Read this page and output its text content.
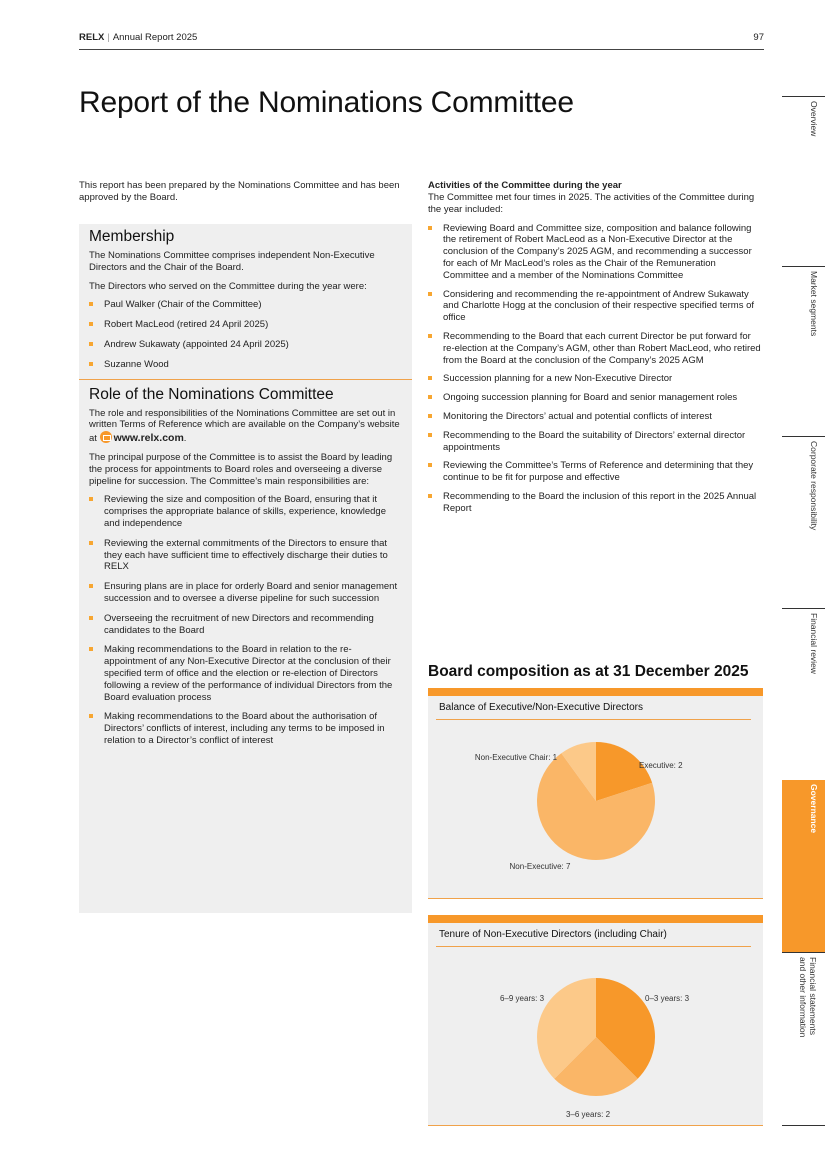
RELX | Annual Report 2025	97
Report of the Nominations Committee	Overview
Market segments
Corporate responsibility
Financial review
Governance
Financial statements
and other information

This report has been prepared by the Nominations Committee and has been approved by the Board.

Membership

The Nominations Committee comprises independent Non-Executive Directors and the Chair of the Board.

The Directors who served on the Committee during the year were:

Paul Walker (Chair of the Committee)
Robert MacLeod (retired 24 April 2025)
Andrew Sukawaty (appointed 24 April 2025)
Suzanne Wood
Role of the Nominations Committee

The role and responsibilities of the Nominations Committee are set out in written Terms of Reference which are available on the Company’s website at www.relx.com.

The principal purpose of the Committee is to assist the Board by leading the process for appointments to Board roles and overseeing a diverse pipeline for succession. The Committee’s main responsibilities are:

Reviewing the size and composition of the Board, ensuring that it comprises the appropriate balance of skills, experience, knowledge and independence
Reviewing the external commitments of the Directors to ensure that they each have sufficient time to effectively discharge their duties to RELX
Ensuring plans are in place for orderly Board and senior management succession and to oversee a diverse pipeline for such succession
Overseeing the recruitment of new Directors and recommending candidates to the Board
Making recommendations to the Board in relation to the re-appointment of any Non-Executive Director at the conclusion of their specified term of office and the election or re-election of Directors following a review of the performance of individual Directors from the Board evaluation process
Making recommendations to the Board about the authorisation of Directors’ conflicts of interest, including any terms to be imposed in relation to a Director’s conflict of interest
Activities of the Committee during the year

The Committee met four times in 2025. The activities of the Committee during the year included:

Reviewing Board and Committee size, composition and balance following the retirement of Robert MacLeod as a Non-Executive Director at the conclusion of the Company’s 2025 AGM, and recommending a successor for each of Mr MacLeod’s roles as the Chair of the Remuneration Committee and a member of the Nominations Committee
Considering and recommending the re-appointment of Andrew Sukawaty and Charlotte Hogg at the conclusion of their respective specified terms of office
Recommending to the Board that each current Director be put forward for re-election at the Company’s AGM, other than Robert MacLeod, who retired from the Board at the conclusion of the Company’s 2025 AGM
Succession planning for a new Non-Executive Director
Ongoing succession planning for Board and senior management roles
Monitoring the Directors’ actual and potential conflicts of interest
Recommending to the Board the suitability of Directors’ external director appointments
Reviewing the Committee’s Terms of Reference and determining that they continue to be fit for purpose and effective
Recommending to the Board the inclusion of this report in the 2025 Annual Report
Board composition as at 31 December 2025
Executive: 2
Non-Executive: 7
Non-Executive Chair: 1
Balance of Executive/Non-Executive Directors
0–3 years: 3
3–6 years: 2
6–9 years: 3
Tenure of Non-Executive Directors (including Chair)
